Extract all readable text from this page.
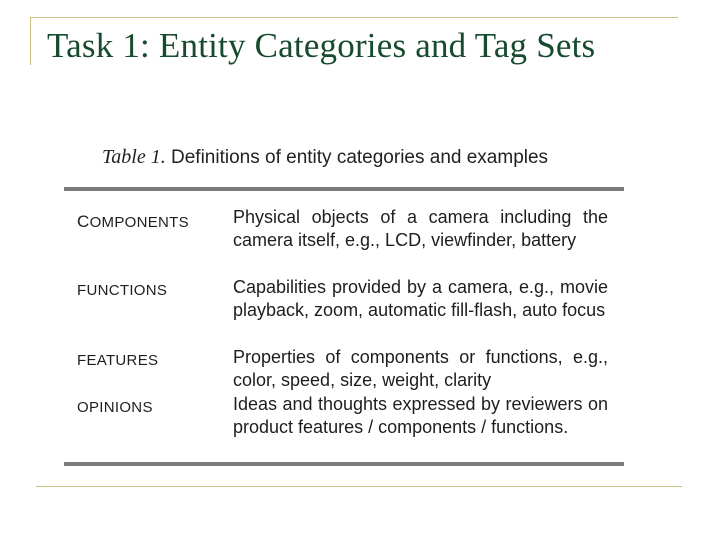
Task 1: Entity Categories and Tag Sets
Table 1. Definitions of entity categories and examples
COMPONENTS Physical objects of a camera including the camera itself, e.g., LCD, viewfinder, battery
FUNCTIONS	Capabilities provided by a camera, e.g., movie playback, zoom, automatic fill-flash, auto focus
FEATURES	Properties of components or functions, e.g., color, speed, size, weight, clarity
OPINIONS	Ideas and thoughts expressed by reviewers on product features / components / functions.
